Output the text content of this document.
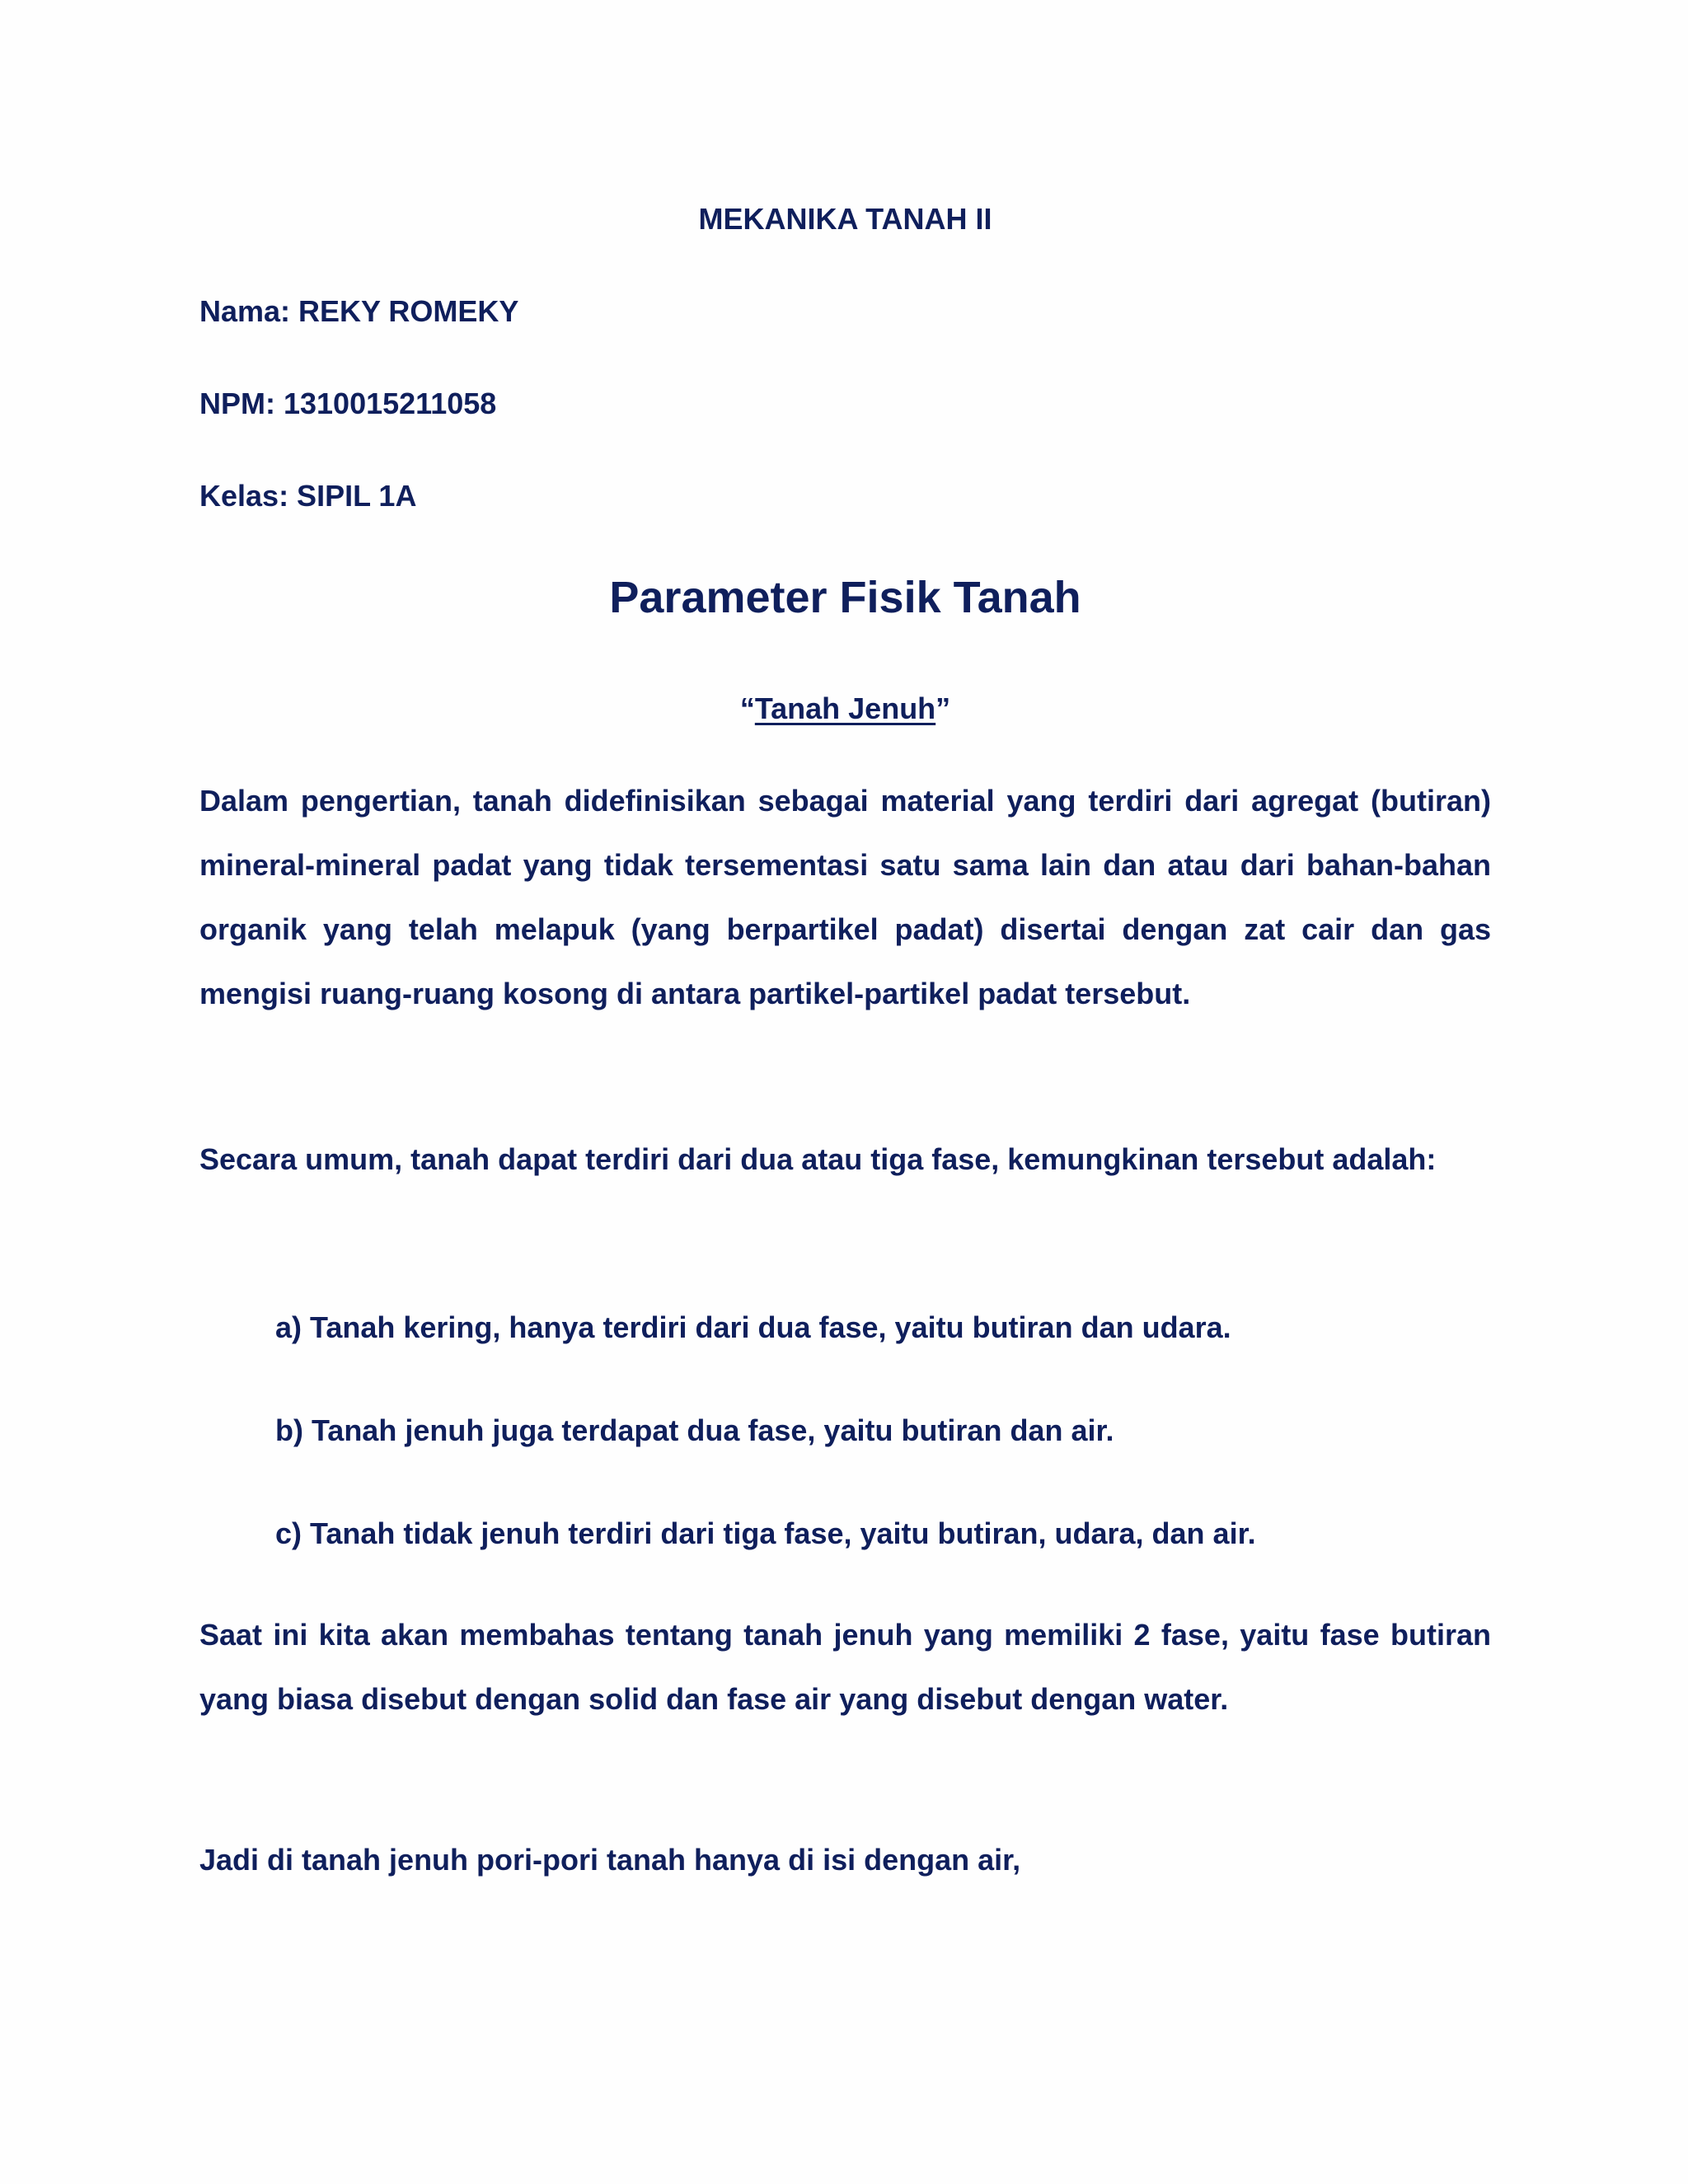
MEKANIKA TANAH II

Nama: REKY ROMEKY

NPM: 1310015211058

Kelas: SIPIL 1A

Parameter Fisik Tanah

“Tanah Jenuh”

Dalam pengertian, tanah didefinisikan sebagai material yang terdiri dari agregat (butiran) mineral-mineral padat yang tidak tersementasi satu sama lain dan atau dari bahan-bahan organik yang telah melapuk (yang berpartikel padat) disertai dengan zat cair dan gas mengisi ruang-ruang kosong di antara partikel-partikel padat tersebut.

Secara umum, tanah dapat terdiri dari dua atau tiga fase, kemungkinan tersebut adalah:

a) Tanah kering, hanya terdiri dari dua fase, yaitu butiran dan udara.

b) Tanah jenuh juga terdapat dua fase, yaitu butiran dan air.

c) Tanah tidak jenuh terdiri dari tiga fase, yaitu butiran, udara, dan air.

Saat ini kita akan membahas tentang tanah jenuh yang memiliki 2 fase, yaitu fase butiran yang biasa disebut dengan solid dan fase air yang disebut dengan water.

Jadi di tanah jenuh pori-pori tanah hanya di isi dengan air,
